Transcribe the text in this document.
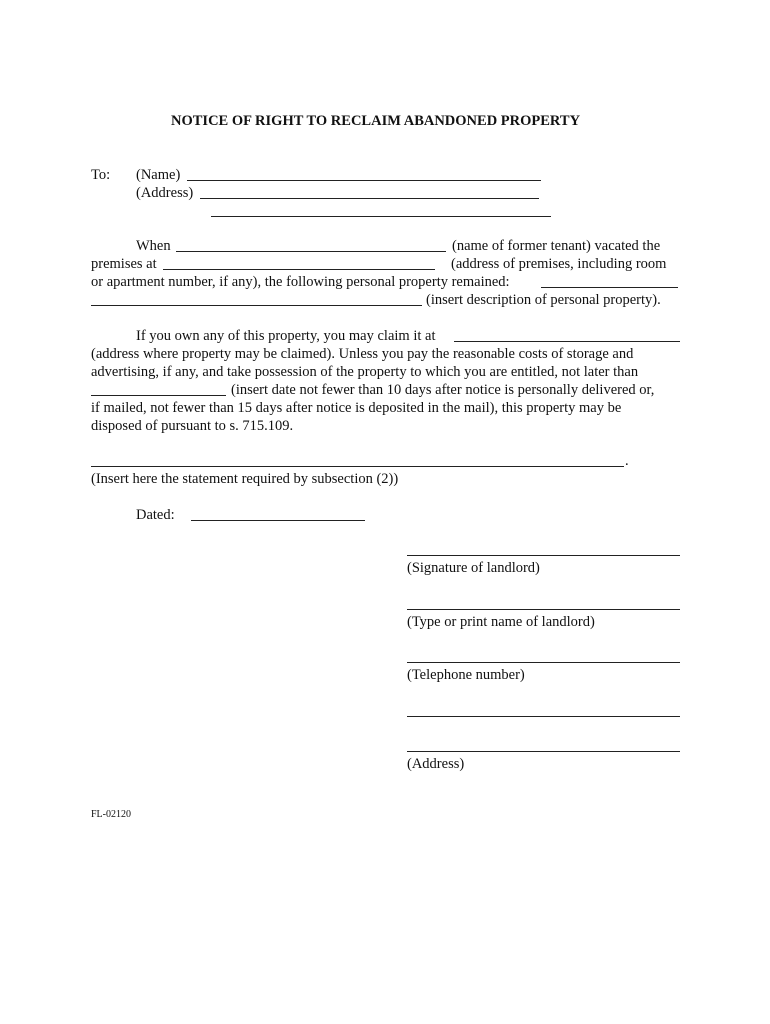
NOTICE OF RIGHT TO RECLAIM ABANDONED PROPERTY
To: (Name)
(Address)
When	(name of former tenant) vacated the
premises at	(address of premises, including room
or apartment number, if any), the following personal property remained:
(insert description of personal property).
If you own any of this property, you may claim it at
(address where property may be claimed). Unless you pay the reasonable costs of storage and
advertising, if any, and take possession of the property to which you are entitled, not later than
(insert date not fewer than 10 days after notice is personally delivered or,
if mailed, not fewer than 15 days after notice is deposited in the mail), this property may be
disposed of pursuant to s. 715.109.
.
(Insert here the statement required by subsection (2))
Dated:
(Signature of landlord)
(Type or print name of landlord)
(Telephone number)
(Address)
FL-02120
